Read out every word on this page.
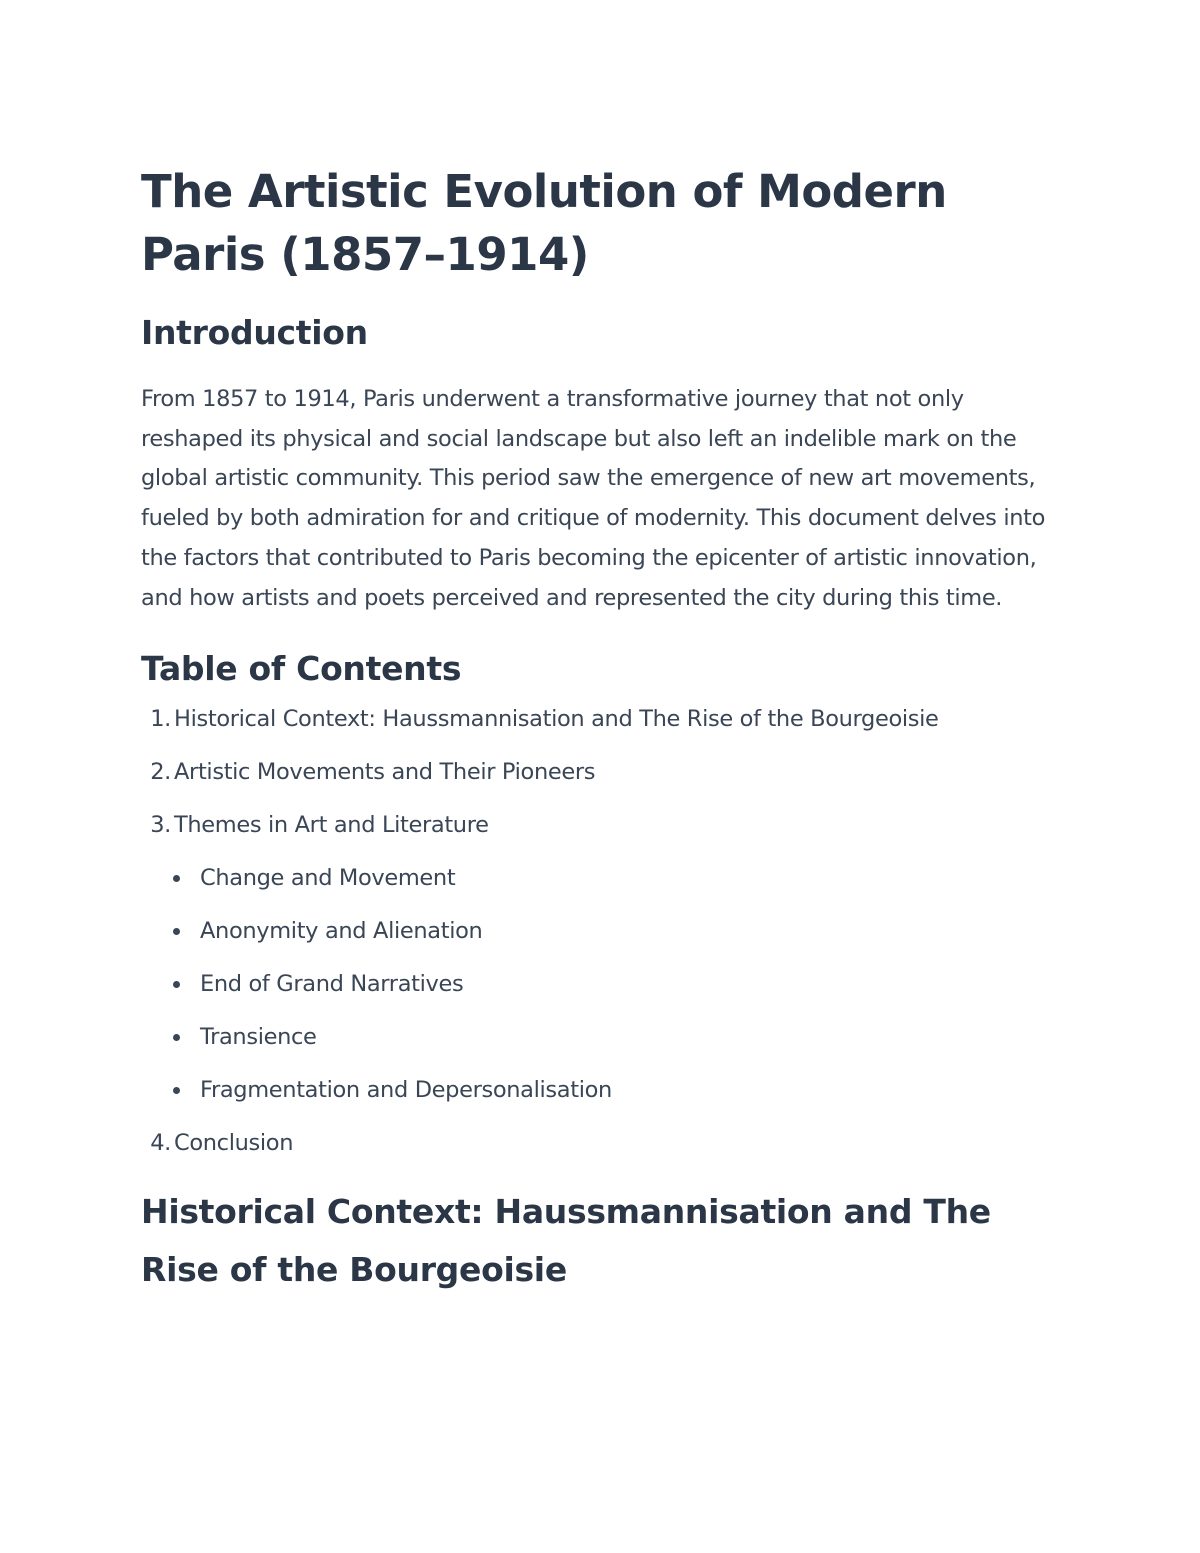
The Artistic Evolution of Modern Paris (1857–1914)
Introduction

From 1857 to 1914, Paris underwent a transformative journey that not only reshaped its physical and social landscape but also left an indelible mark on the global artistic community. This period saw the emergence of new art movements, fueled by both admiration for and critique of modernity. This document delves into the factors that contributed to Paris becoming the epicenter of artistic innovation, and how artists and poets perceived and represented the city during this time.

Table of Contents
1. Historical Context: Haussmannisation and The Rise of the Bourgeoisie
2. Artistic Movements and Their Pioneers
3. Themes in Art and Literature
Change and Movement
Anonymity and Alienation
End of Grand Narratives
Transience
Fragmentation and Depersonalisation
4. Conclusion
Historical Context: Haussmannisation and The Rise of the Bourgeoisie
